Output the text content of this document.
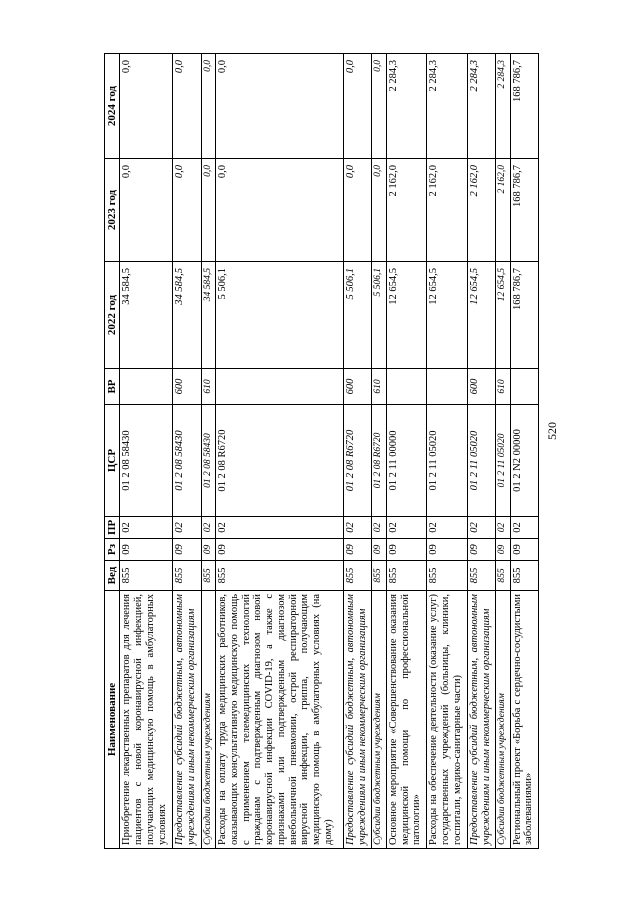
520
Наименование	Вед	Рз	ПР	ЦСР	ВР	2022 год	2023 год	2024 год
Приобретение лекарственных препаратов для лечения пациентов с новой коронавирусной инфекцией, получающих медицинскую помощь в амбулаторных условиях	855	09	02	01 2 08 58430		34 584,5	0,0	0,0
Предоставление субсидий бюджетным, автономным учреждениям и иным некоммерческим организациям	855	09	02	01 2 08 58430	600	34 584,5	0,0	0,0
Субсидии бюджетным учреждениям	855	09	02	01 2 08 58430	610	34 584,5	0,0	0,0
Расходы на оплату труда медицинских работников, оказывающих консультативную медицинскую помощь с применением телемедицинских технологий гражданам с подтвержденным диагнозом новой коронавирусной инфекции COVID-19, а также с признаками или подтвержденным диагнозом внебольничной пневмонии, острой респираторной вирусной инфекции, гриппа, получающим медицинскую помощь в амбулаторных условиях (на дому)	855	09	02	01 2 08 R6720		5 506,1	0,0	0,0
Предоставление субсидий бюджетным, автономным учреждениям и иным некоммерческим организациям	855	09	02	01 2 08 R6720	600	5 506,1	0,0	0,0
Субсидии бюджетным учреждениям	855	09	02	01 2 08 R6720	610	5 506,1	0,0	0,0
Основное мероприятие «Совершенствование оказания медицинской помощи по профессиональной патологии»	855	09	02	01 2 11 00000		12 654,5	2 162,0	2 284,3
Расходы на обеспечение деятельности (оказание услуг) государственных учреждений (больницы, клиники, госпитали, медико-санитарные части)	855	09	02	01 2 11 05020		12 654,5	2 162,0	2 284,3
Предоставление субсидий бюджетным, автономным учреждениям и иным некоммерческим организациям	855	09	02	01 2 11 05020	600	12 654,5	2 162,0	2 284,3
Субсидии бюджетным учреждениям	855	09	02	01 2 11 05020	610	12 654,5	2 162,0	2 284,3
Региональный проект «Борьба с сердечно-сосудистыми заболеваниями»	855	09	02	01 2 N2 00000		168 786,7	168 786,7	168 786,7
